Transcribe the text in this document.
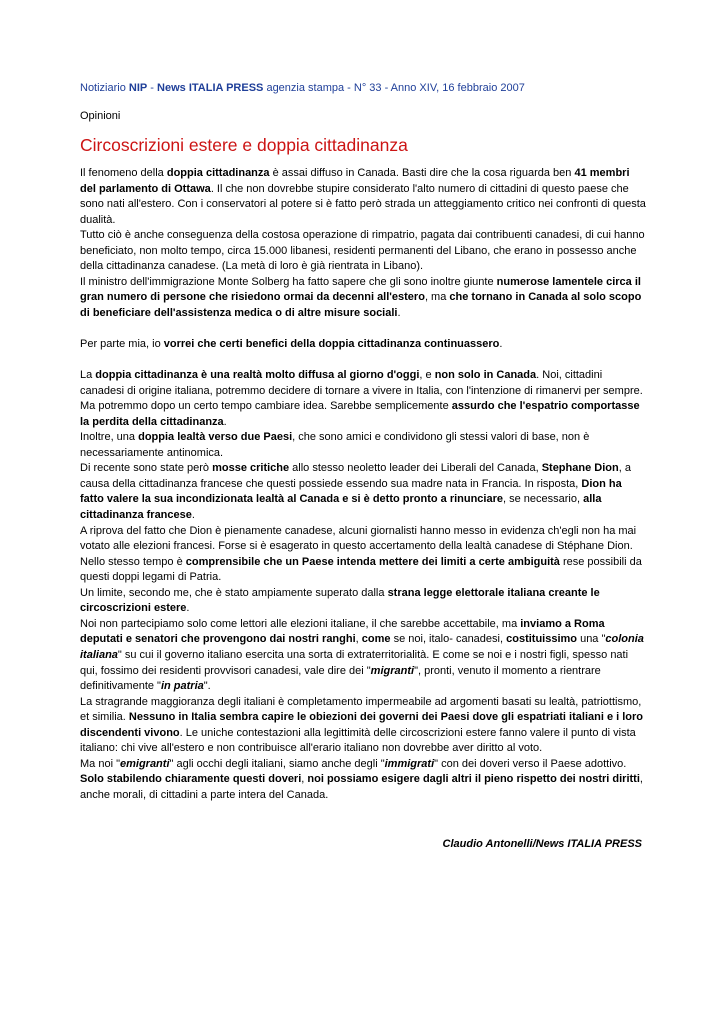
Notiziario NIP - News ITALIA PRESS agenzia stampa - N° 33 - Anno XIV, 16 febbraio 2007
Opinioni
Circoscrizioni estere e doppia cittadinanza

Il fenomeno della doppia cittadinanza è assai diffuso in Canada. Basti dire che la cosa riguarda ben 41 membri del parlamento di Ottawa. Il che non dovrebbe stupire considerato l'alto numero di cittadini di questo paese che sono nati all'estero. Con i conservatori al potere si è fatto però strada un atteggiamento critico nei confronti di questa dualità.

Tutto ciò è anche conseguenza della costosa operazione di rimpatrio, pagata dai contribuenti canadesi, di cui hanno beneficiato, non molto tempo, circa 15.000 libanesi, residenti permanenti del Libano, che erano in possesso anche della cittadinanza canadese. (La metà di loro è già rientrata in Libano).

Il ministro dell'immigrazione Monte Solberg ha fatto sapere che gli sono inoltre giunte numerose lamentele circa il gran numero di persone che risiedono ormai da decenni all'estero, ma che tornano in Canada al solo scopo di beneficiare dell'assistenza medica o di altre misure sociali.

Per parte mia, io vorrei che certi benefici della doppia cittadinanza continuassero.

La doppia cittadinanza è una realtà molto diffusa al giorno d'oggi, e non solo in Canada. Noi, cittadini canadesi di origine italiana, potremmo decidere di tornare a vivere in Italia, con l'intenzione di rimanervi per sempre. Ma potremmo dopo un certo tempo cambiare idea. Sarebbe semplicemente assurdo che l'espatrio comportasse la perdita della cittadinanza.

Inoltre, una doppia lealtà verso due Paesi, che sono amici e condividono gli stessi valori di base, non è necessariamente antinomica.

Di recente sono state però mosse critiche allo stesso neoletto leader dei Liberali del Canada, Stephane Dion, a causa della cittadinanza francese che questi possiede essendo sua madre nata in Francia. In risposta, Dion ha fatto valere la sua incondizionata lealtà al Canada e si è detto pronto a rinunciare, se necessario, alla cittadinanza francese.

A riprova del fatto che Dion è pienamente canadese, alcuni giornalisti hanno messo in evidenza ch'egli non ha mai votato alle elezioni francesi. Forse si è esagerato in questo accertamento della lealtà canadese di Stéphane Dion.

Nello stesso tempo è comprensibile che un Paese intenda mettere dei limiti a certe ambiguità rese possibili da questi doppi legami di Patria.

Un limite, secondo me, che è stato ampiamente superato dalla strana legge elettorale italiana creante le circoscrizioni estere.

Noi non partecipiamo solo come lettori alle elezioni italiane, il che sarebbe accettabile, ma inviamo a Roma deputati e senatori che provengono dai nostri ranghi, come se noi, italo- canadesi, costituissimo una "colonia italiana" su cui il governo italiano esercita una sorta di extraterritorialità. E come se noi e i nostri figli, spesso nati qui, fossimo dei residenti provvisori canadesi, vale dire dei "migranti", pronti, venuto il momento a rientrare definitivamente "in patria".

La stragrande maggioranza degli italiani è completamento impermeabile ad argomenti basati su lealtà, patriottismo, et similia. Nessuno in Italia sembra capire le obiezioni dei governi dei Paesi dove gli espatriati italiani e i loro discendenti vivono. Le uniche contestazioni alla legittimità delle circoscrizioni estere fanno valere il punto di vista italiano: chi vive all'estero e non contribuisce all'erario italiano non dovrebbe aver diritto al voto.

Ma noi "emigranti" agli occhi degli italiani, siamo anche degli "immigrati" con dei doveri verso il Paese adottivo.

Solo stabilendo chiaramente questi doveri, noi possiamo esigere dagli altri il pieno rispetto dei nostri diritti, anche morali, di cittadini a parte intera del Canada.

Claudio Antonelli/News ITALIA PRESS
